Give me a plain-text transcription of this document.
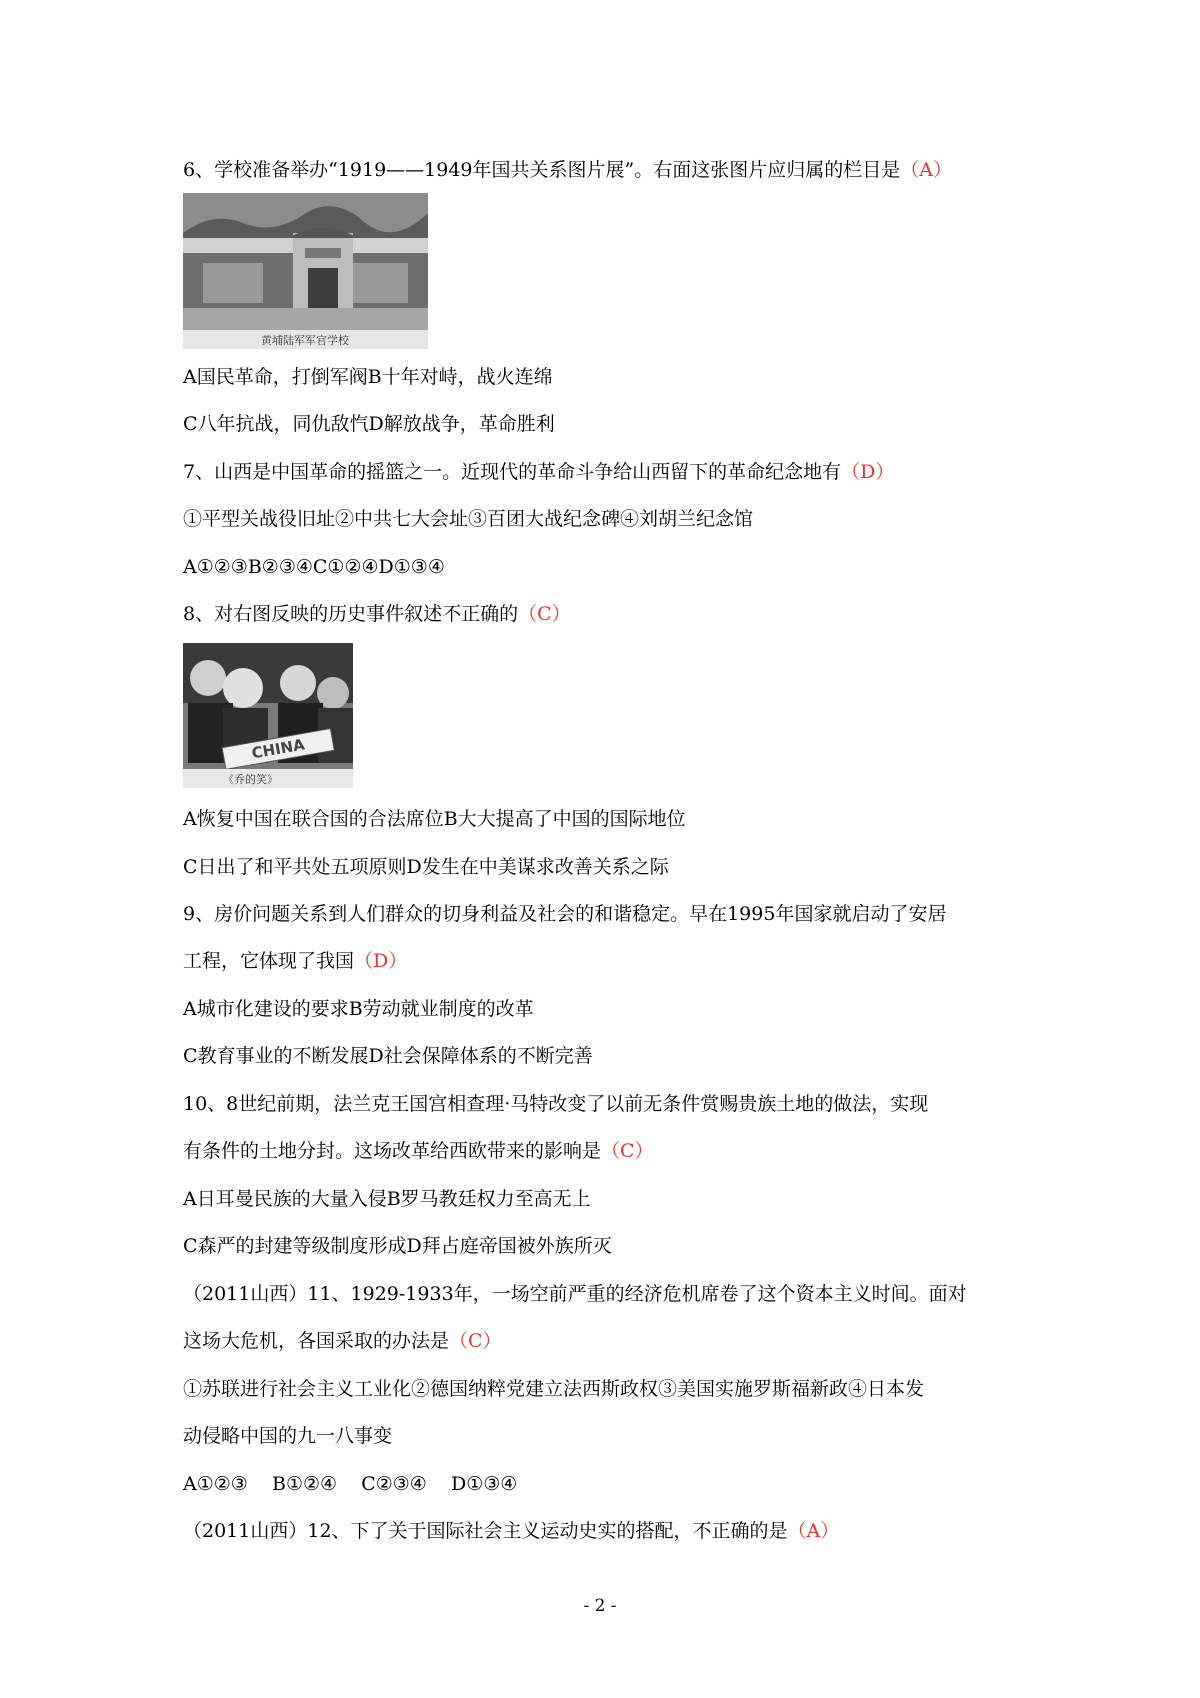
6、学校准备举办“1919——1949年国共关系图片展”。右面这张图片应归属的栏目是（A）
黄埔陆军军官学校
A国民革命，打倒军阀B十年对峙，战火连绵
C八年抗战，同仇敌忾D解放战争，革命胜利
7、山西是中国革命的摇篮之一。近现代的革命斗争给山西留下的革命纪念地有（D）
①平型关战役旧址②中共七大会址③百团大战纪念碑④刘胡兰纪念馆
A①②③B②③④C①②④D①③④
8、对右图反映的历史事件叙述不正确的（C）
CHINA
《乔的笑》
A恢复中国在联合国的合法席位B大大提高了中国的国际地位
C日出了和平共处五项原则D发生在中美谋求改善关系之际
9、房价问题关系到人们群众的切身利益及社会的和谐稳定。早在1995年国家就启动了安居
工程，它体现了我国（D）
A城市化建设的要求B劳动就业制度的改革
C教育事业的不断发展D社会保障体系的不断完善
10、8世纪前期，法兰克王国宫相查理·马特改变了以前无条件赏赐贵族土地的做法，实现
有条件的土地分封。这场改革给西欧带来的影响是（C）
A日耳曼民族的大量入侵B罗马教廷权力至高无上
C森严的封建等级制度形成D拜占庭帝国被外族所灭
（2011山西）11、1929-1933年，一场空前严重的经济危机席卷了这个资本主义时间。面对
这场大危机，各国采取的办法是（C）
①苏联进行社会主义工业化②德国纳粹党建立法西斯政权③美国实施罗斯福新政④日本发
动侵略中国的九一八事变
A①②③    B①②④    C②③④    D①③④
（2011山西）12、下了关于国际社会主义运动史实的搭配，不正确的是（A）
- 2 -
